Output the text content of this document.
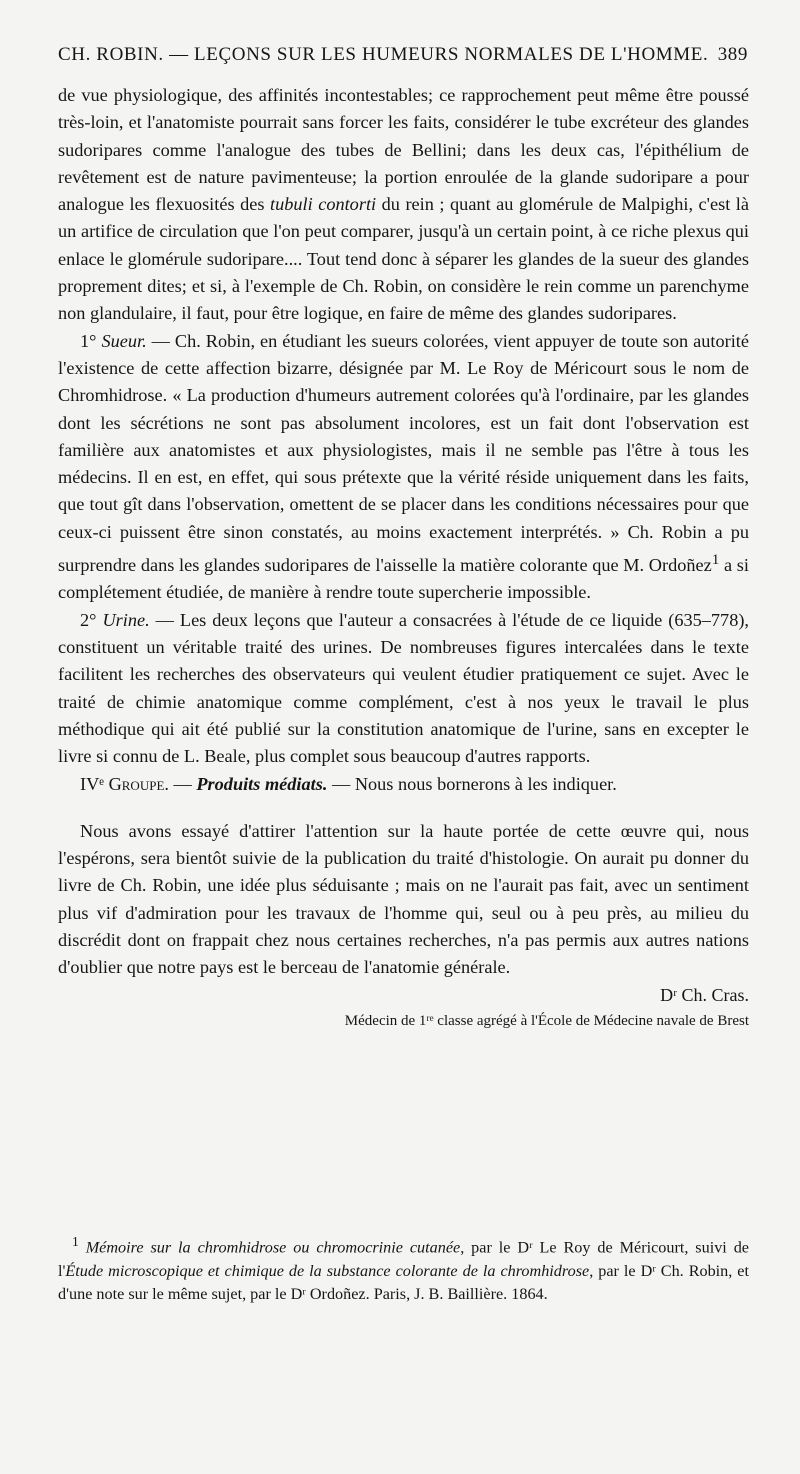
CH. ROBIN. — LEÇONS SUR LES HUMEURS NORMALES DE L'HOMME. 389

de vue physiologique, des affinités incontestables; ce rapprochement peut même être poussé très-loin, et l'anatomiste pourrait sans forcer les faits, considérer le tube excréteur des glandes sudoripares comme l'analogue des tubes de Bellini; dans les deux cas, l'épithélium de revêtement est de nature pavimenteuse; la portion enroulée de la glande sudoripare a pour analogue les flexuosités des tubuli contorti du rein ; quant au glomérule de Malpighi, c'est là un artifice de circulation que l'on peut comparer, jusqu'à un certain point, à ce riche plexus qui enlace le glomérule sudoripare.... Tout tend donc à séparer les glandes de la sueur des glandes proprement dites; et si, à l'exemple de Ch. Robin, on considère le rein comme un parenchyme non glandulaire, il faut, pour être logique, en faire de même des glandes sudoripares.

1° Sueur. — Ch. Robin, en étudiant les sueurs colorées, vient appuyer de toute son autorité l'existence de cette affection bizarre, désignée par M. Le Roy de Méricourt sous le nom de Chromhidrose. « La production d'humeurs autrement colorées qu'à l'ordinaire, par les glandes dont les sécrétions ne sont pas absolument incolores, est un fait dont l'observation est familière aux anatomistes et aux physiologistes, mais il ne semble pas l'être à tous les médecins. Il en est, en effet, qui sous prétexte que la vérité réside uniquement dans les faits, que tout gît dans l'observation, omettent de se placer dans les conditions nécessaires pour que ceux-ci puissent être sinon constatés, au moins exactement interprétés. » Ch. Robin a pu surprendre dans les glandes sudoripares de l'aisselle la matière colorante que M. Ordoñez$^1$ a si complétement étudiée, de manière à rendre toute supercherie impossible.

2° Urine. — Les deux leçons que l'auteur a consacrées à l'étude de ce liquide (635–778), constituent un véritable traité des urines. De nombreuses figures intercalées dans le texte facilitent les recherches des observateurs qui veulent étudier pratiquement ce sujet. Avec le traité de chimie anatomique comme complément, c'est à nos yeux le travail le plus méthodique qui ait été publié sur la constitution anatomique de l'urine, sans en excepter le livre si connu de L. Beale, plus complet sous beaucoup d'autres rapports.

IVᵉ Groupe. — Produits médiats. — Nous nous bornerons à les indiquer.

Nous avons essayé d'attirer l'attention sur la haute portée de cette œuvre qui, nous l'espérons, sera bientôt suivie de la publication du traité d'histologie. On aurait pu donner du livre de Ch. Robin, une idée plus séduisante ; mais on ne l'aurait pas fait, avec un sentiment plus vif d'admiration pour les travaux de l'homme qui, seul ou à peu près, au milieu du discrédit dont on frappait chez nous certaines recherches, n'a pas permis aux autres nations d'oublier que notre pays est le berceau de l'anatomie générale.

Dʳ Ch. Cras.

Médecin de 1ʳᵉ classe agrégé à l'École de Médecine navale de Brest

$^1$ Mémoire sur la chromhidrose ou chromocrinie cutanée, par le Dʳ Le Roy de Méricourt, suivi de l'Étude microscopique et chimique de la substance colorante de la chromhidrose, par le Dʳ Ch. Robin, et d'une note sur le même sujet, par le Dʳ Ordoñez. Paris, J. B. Baillière. 1864.
